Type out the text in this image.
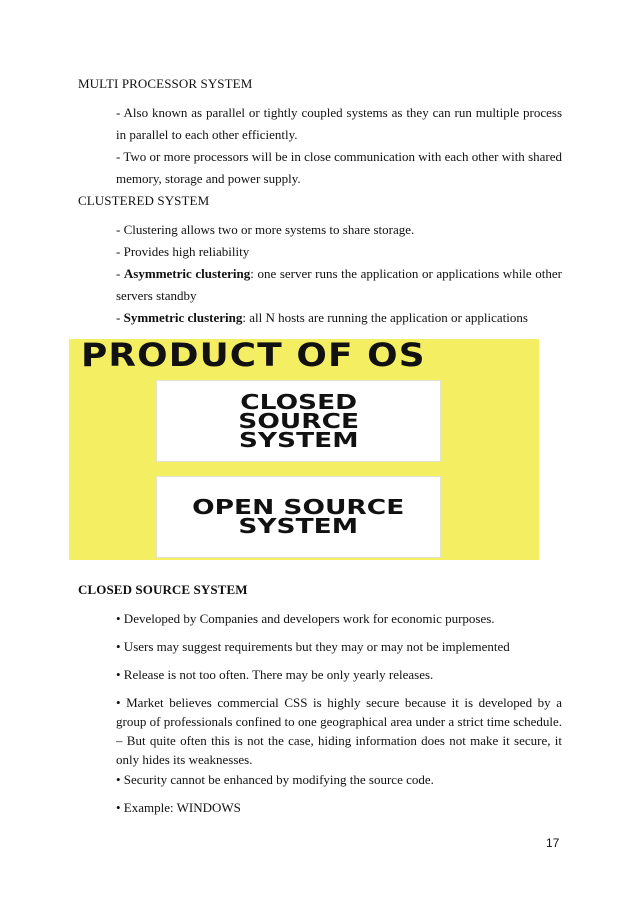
MULTI PROCESSOR SYSTEM
- Also known as parallel or tightly coupled systems as they can run multiple process in parallel to each other efficiently.
- Two or more processors will be in close communication with each other with shared memory, storage and power supply.
CLUSTERED SYSTEM
- Clustering allows two or more systems to share storage.
- Provides high reliability
- Asymmetric clustering: one server runs the application or applications while other servers standby
- Symmetric clustering: all N hosts are running the application or applications
PRODUCT OF OS
CLOSED
SOURCE
SYSTEM
OPEN SOURCE
SYSTEM
CLOSED SOURCE SYSTEM
• Developed by Companies and developers work for economic purposes.
• Users may suggest requirements but they may or may not be implemented
• Release is not too often. There may be only yearly releases.
• Market believes commercial CSS is highly secure because it is developed by a group of professionals confined to one geographical area under a strict time schedule. – But quite often this is not the case, hiding information does not make it secure, it only hides its weaknesses.
• Security cannot be enhanced by modifying the source code.
• Example: WINDOWS
17
